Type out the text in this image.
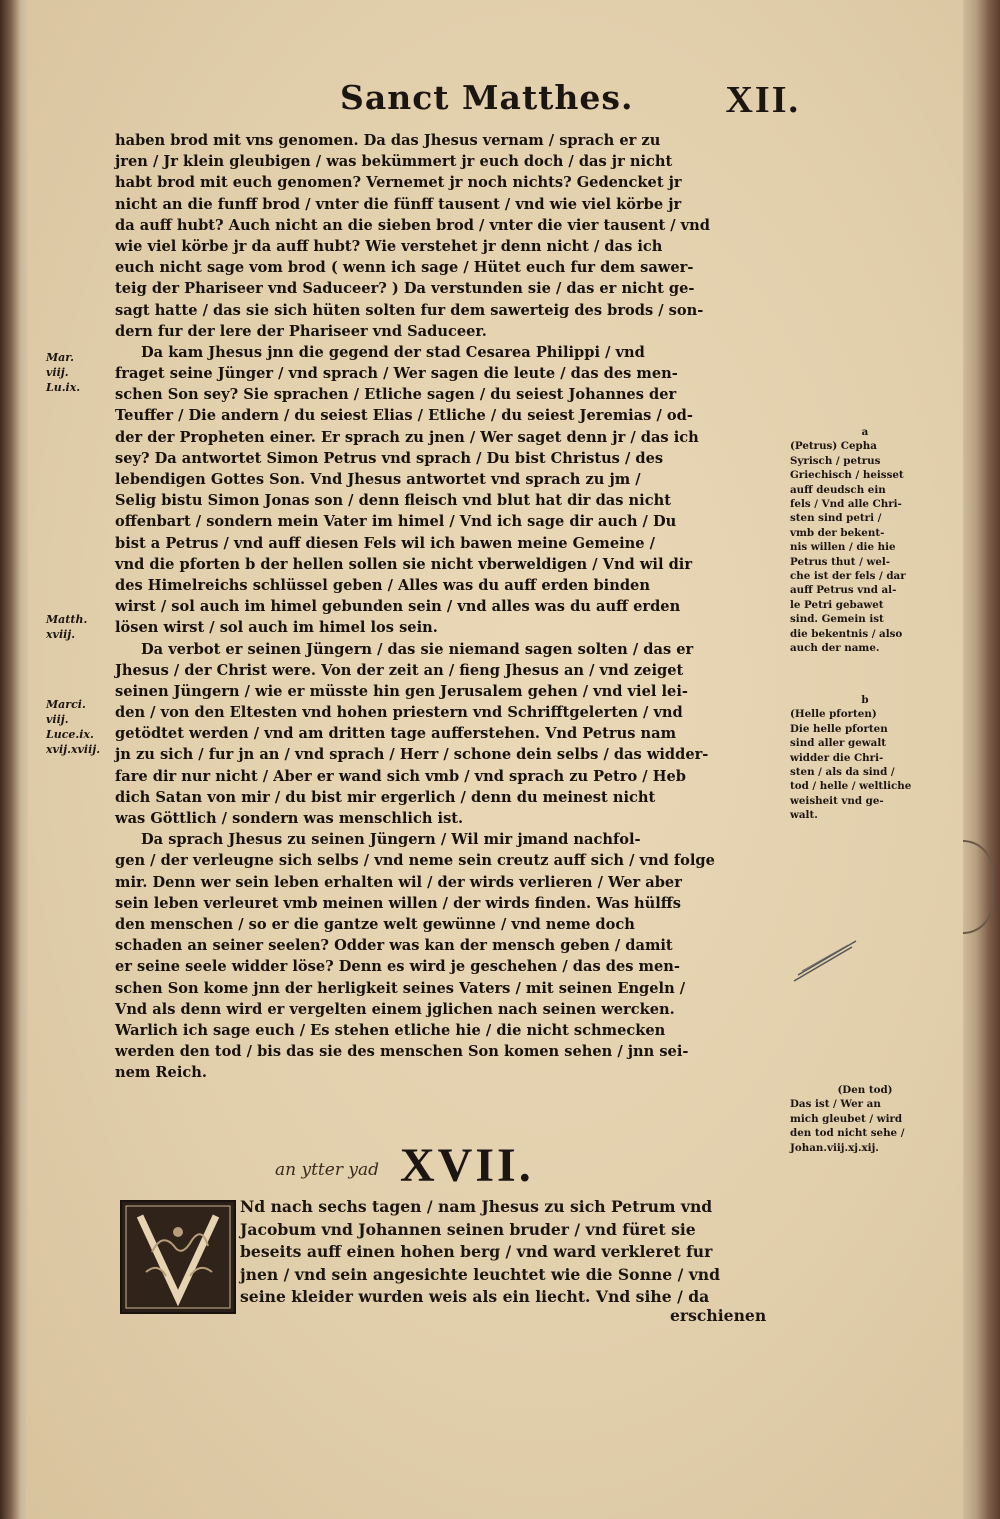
Sanct Matthes. XII.
haben brod mit vns genomen. Da das Jhesus vernam / sprach er zu
jren / Jr klein gleubigen / was bekümmert jr euch doch / das jr nicht
habt brod mit euch genomen? Vernemet jr noch nichts? Gedencket jr
nicht an die funff brod / vnter die fünff tausent / vnd wie viel körbe jr
da auff hubt? Auch nicht an die sieben brod / vnter die vier tausent / vnd
wie viel körbe jr da auff hubt? Wie verstehet jr denn nicht / das ich
euch nicht sage vom brod ( wenn ich sage / Hütet euch fur dem sawer-
teig der Phariseer vnd Saduceer? ) Da verstunden sie / das er nicht ge-
sagt hatte / das sie sich hüten solten fur dem sawerteig des brods / son-
dern fur der lere der Phariseer vnd Saduceer.
Da kam Jhesus jnn die gegend der stad Cesarea Philippi / vnd
fraget seine Jünger / vnd sprach / Wer sagen die leute / das des men-
schen Son sey? Sie sprachen / Etliche sagen / du seiest Johannes der
Teuffer / Die andern / du seiest Elias / Etliche / du seiest Jeremias / od-
der der Propheten einer. Er sprach zu jnen / Wer saget denn jr / das ich
sey? Da antwortet Simon Petrus vnd sprach / Du bist Christus / des
lebendigen Gottes Son. Vnd Jhesus antwortet vnd sprach zu jm /
Selig bistu Simon Jonas son / denn fleisch vnd blut hat dir das nicht
offenbart / sondern mein Vater im himel / Vnd ich sage dir auch / Du
bist a Petrus / vnd auff diesen Fels wil ich bawen meine Gemeine /
vnd die pforten b der hellen sollen sie nicht vberweldigen / Vnd wil dir
des Himelreichs schlüssel geben / Alles was du auff erden binden
wirst / sol auch im himel gebunden sein / vnd alles was du auff erden
lösen wirst / sol auch im himel los sein.
Da verbot er seinen Jüngern / das sie niemand sagen solten / das er
Jhesus / der Christ were. Von der zeit an / fieng Jhesus an / vnd zeiget
seinen Jüngern / wie er müsste hin gen Jerusalem gehen / vnd viel lei-
den / von den Eltesten vnd hohen priestern vnd Schrifftgelerten / vnd
getödtet werden / vnd am dritten tage aufferstehen. Vnd Petrus nam
jn zu sich / fur jn an / vnd sprach / Herr / schone dein selbs / das widder-
fare dir nur nicht / Aber er wand sich vmb / vnd sprach zu Petro / Heb
dich Satan von mir / du bist mir ergerlich / denn du meinest nicht
was Göttlich / sondern was menschlich ist.
Da sprach Jhesus zu seinen Jüngern / Wil mir jmand nachfol-
gen / der verleugne sich selbs / vnd neme sein creutz auff sich / vnd folge
mir. Denn wer sein leben erhalten wil / der wirds verlieren / Wer aber
sein leben verleuret vmb meinen willen / der wirds finden. Was hülffs
den menschen / so er die gantze welt gewünne / vnd neme doch
schaden an seiner seelen? Odder was kan der mensch geben / damit
er seine seele widder löse? Denn es wird je geschehen / das des men-
schen Son kome jnn der herligkeit seines Vaters / mit seinen Engeln /
Vnd als denn wird er vergelten einem jglichen nach seinen wercken.
Warlich ich sage euch / Es stehen etliche hie / die nicht schmecken
werden den tod / bis das sie des menschen Son komen sehen / jnn sei-
nem Reich.
Mar.
viij.
Lu.ix.
Matth.
xviij.
Marci.
viij.
Luce.ix.
xvij.xviij.
a
(Petrus) Cepha
Syrisch / petrus
Griechisch / heisset
auff deudsch ein
fels / Vnd alle Chri-
sten sind petri /
vmb der bekent-
nis willen / die hie
Petrus thut / wel-
che ist der fels / dar
auff Petrus vnd al-
le Petri gebawet
sind. Gemein ist
die bekentnis / also
auch der name.
b
(Helle pforten)
Die helle pforten
sind aller gewalt
widder die Chri-
sten / als da sind /
tod / helle / weltliche
weisheit vnd ge-
walt.
(Den tod)
Das ist / Wer an
mich gleubet / wird
den tod nicht sehe /
Johan.viij.xj.xij.
an ytter yad XVII.
Nd nach sechs tagen / nam Jhesus zu sich Petrum vnd
Jacobum vnd Johannen seinen bruder / vnd füret sie
beseits auff einen hohen berg / vnd ward verkleret fur
jnen / vnd sein angesichte leuchtet wie die Sonne / vnd
seine kleider wurden weis als ein liecht. Vnd sihe / da
erschienen
